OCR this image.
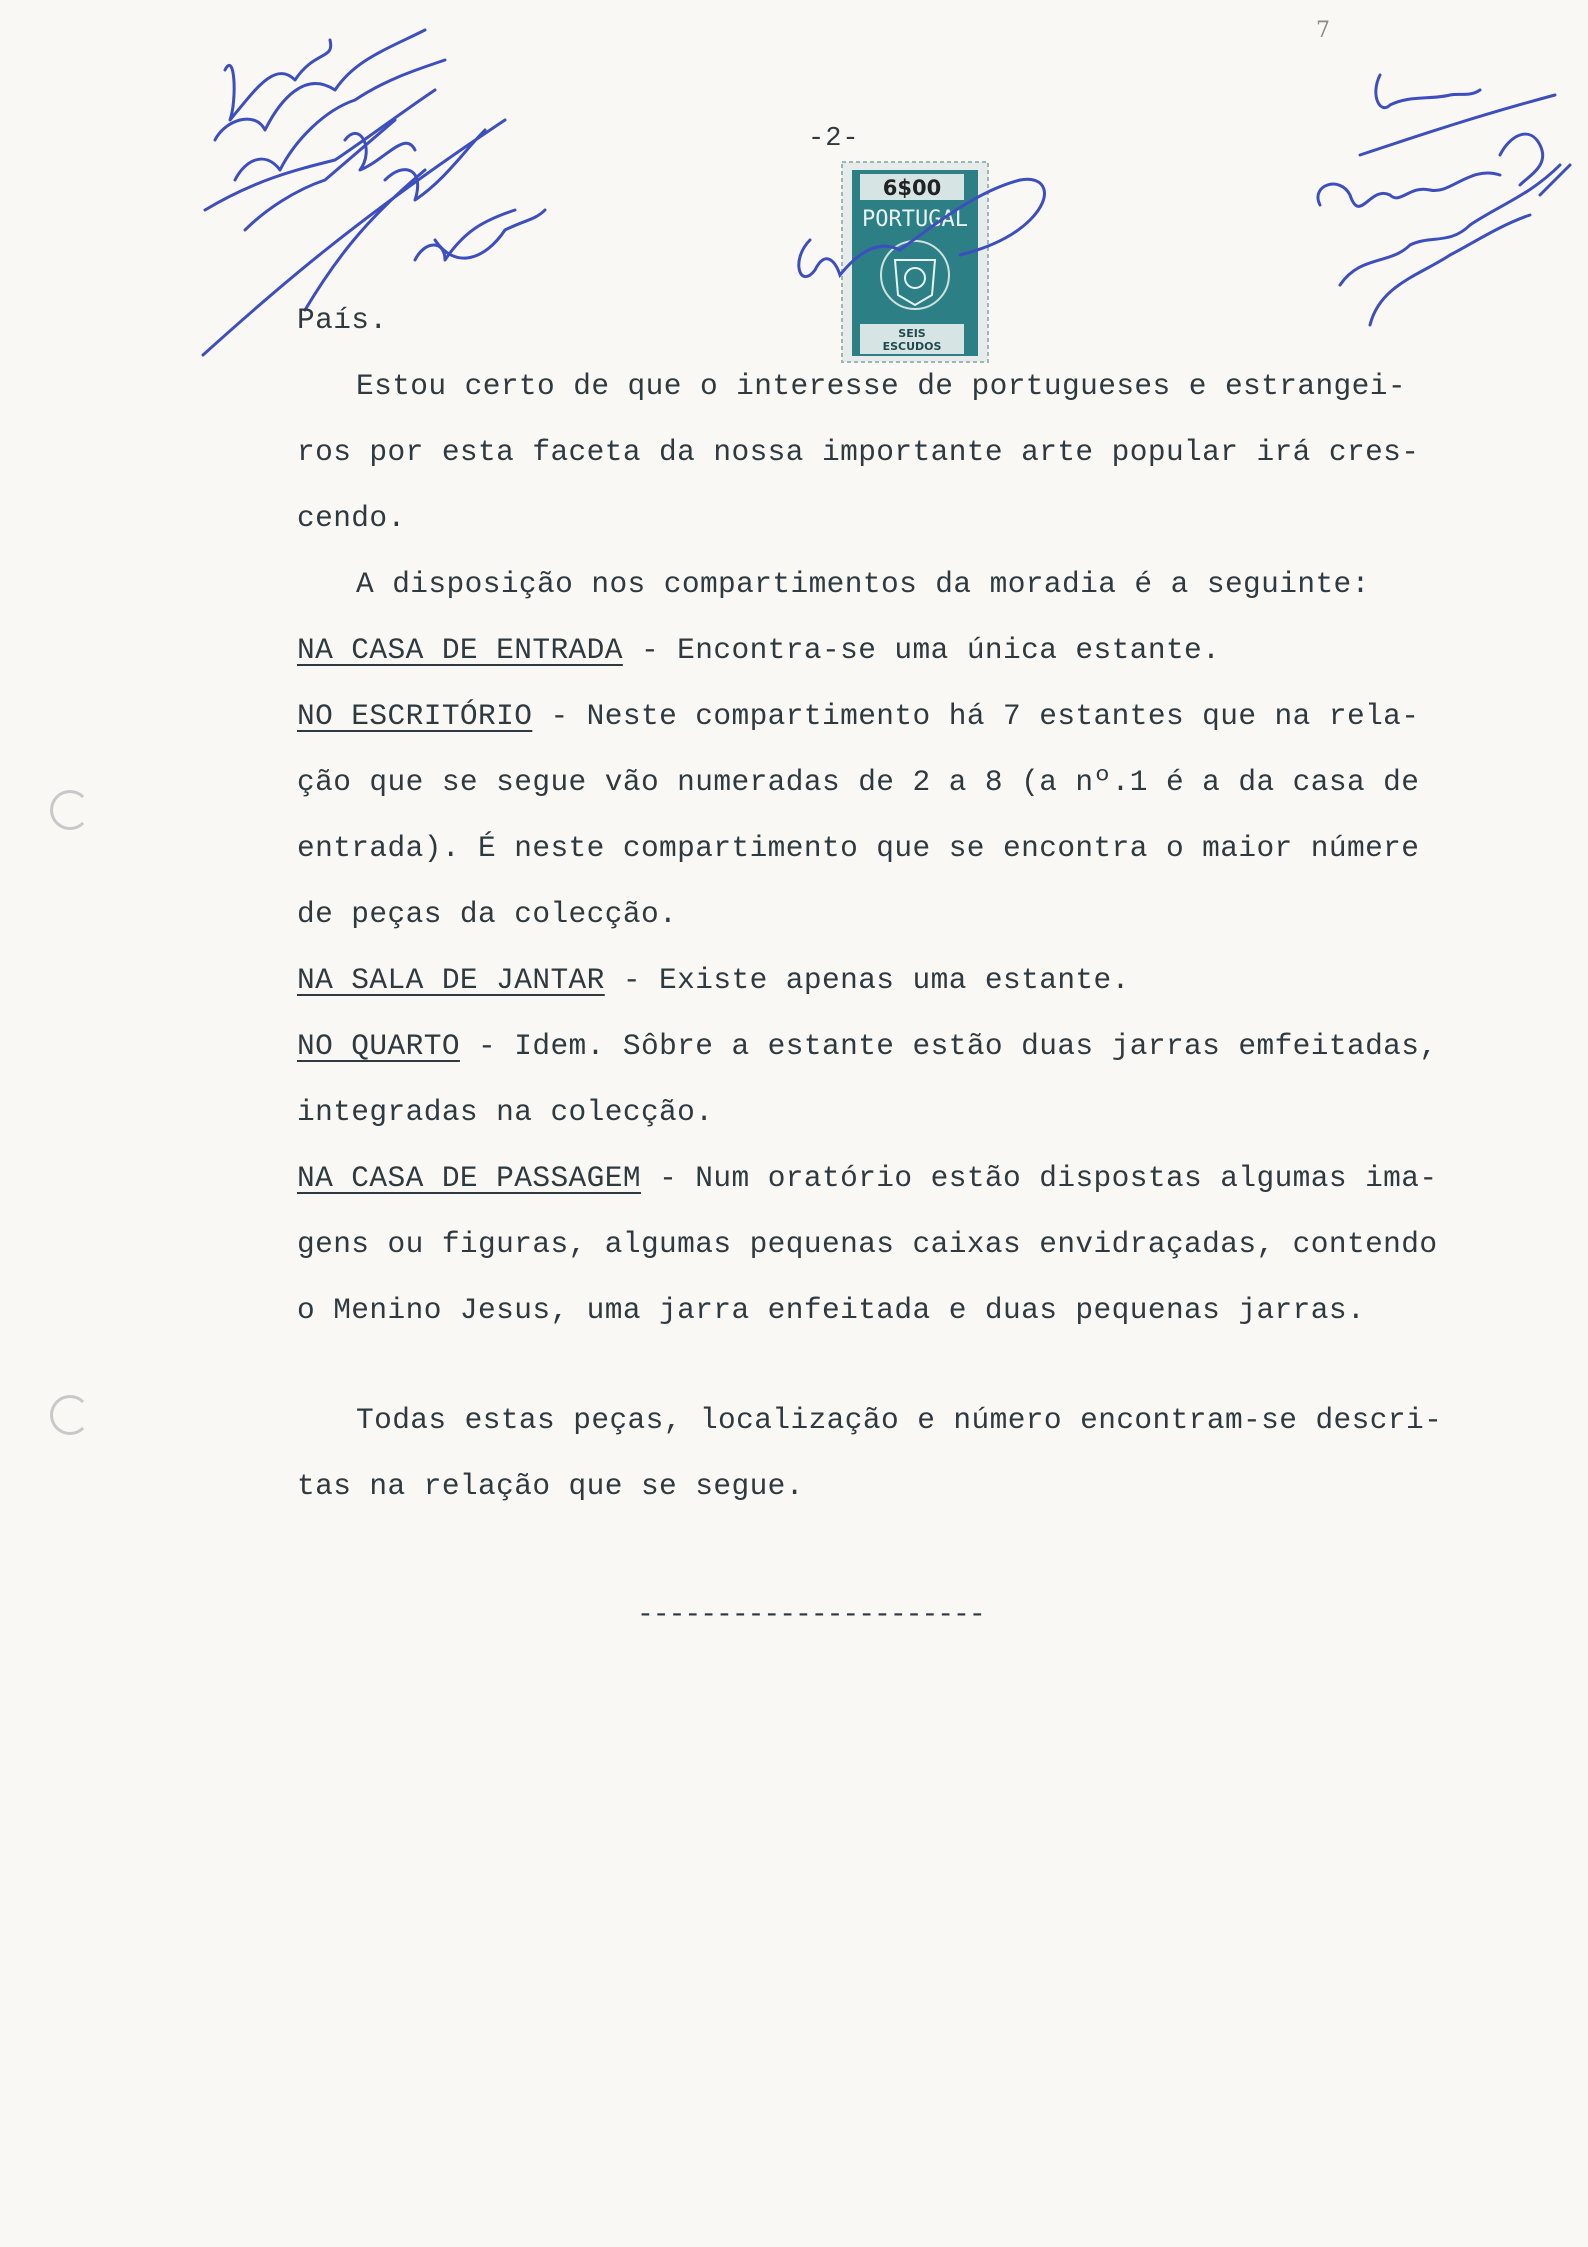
7
6$00
PORTUGAL
SEIS
ESCUDOS
-2-
País.
Estou certo de que o interesse de portugueses e estrangei-
ros por esta faceta da nossa importante arte popular irá cres-
cendo.
A disposição nos compartimentos da moradia é a seguinte:
NA CASA DE ENTRADA - Encontra-se uma única estante.
NO ESCRITÓRIO - Neste compartimento há 7 estantes que na rela-
ção que se segue vão numeradas de 2 a 8 (a nº.1 é a da casa de
entrada). É neste compartimento que se encontra o maior númere
de peças da colecção.
NA SALA DE JANTAR - Existe apenas uma estante.
NO QUARTO - Idem. Sôbre a estante estão duas jarras emfeitadas,
integradas na colecção.
NA CASA DE PASSAGEM - Num oratório estão dispostas algumas ima-
gens ou figuras, algumas pequenas caixas envidraçadas, contendo
o Menino Jesus, uma jarra enfeitada e duas pequenas jarras.
Todas estas peças, localização e número encontram-se descri-
tas na relação que se segue.
----------------------
